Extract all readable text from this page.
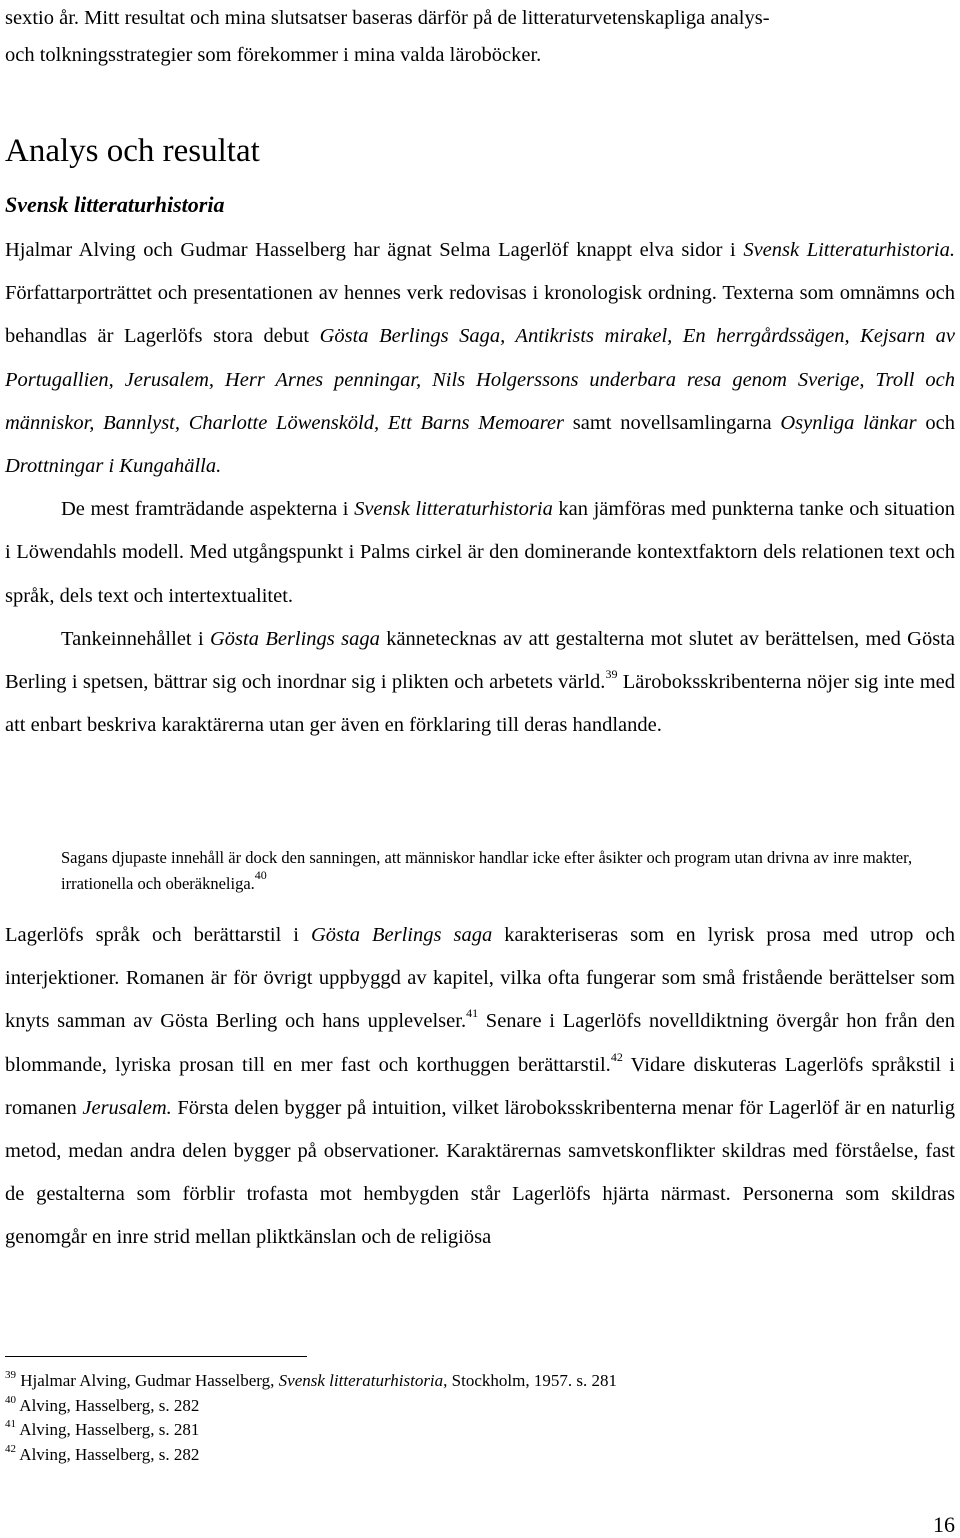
sextio år. Mitt resultat och mina slutsatser baseras därför på de litteraturvetenskapliga analys-
och tolkningsstrategier som förekommer i mina valda läroböcker.
Analys och resultat
Svensk litteraturhistoria

Hjalmar Alving och Gudmar Hasselberg har ägnat Selma Lagerlöf knappt elva sidor i Svensk Litteraturhistoria. Författarporträttet och presentationen av hennes verk redovisas i kronologisk ordning. Texterna som omnämns och behandlas är Lagerlöfs stora debut Gösta Berlings Saga, Antikrists mirakel, En herrgårdssägen, Kejsarn av Portugallien, Jerusalem, Herr Arnes penningar, Nils Holgerssons underbara resa genom Sverige, Troll och människor, Bannlyst, Charlotte Löwensköld, Ett Barns Memoarer samt novellsamlingarna Osynliga länkar och Drottningar i Kungahälla.

De mest framträdande aspekterna i Svensk litteraturhistoria kan jämföras med punkterna tanke och situation i Löwendahls modell. Med utgångspunkt i Palms cirkel är den dominerande kontextfaktorn dels relationen text och språk, dels text och intertextualitet.

Tankeinnehållet i Gösta Berlings saga kännetecknas av att gestalterna mot slutet av berättelsen, med Gösta Berling i spetsen, bättrar sig och inordnar sig i plikten och arbetets värld.$^{39}$ Läroboksskribenterna nöjer sig inte med att enbart beskriva karaktärerna utan ger även en förklaring till deras handlande.

Sagans djupaste innehåll är dock den sanningen, att människor handlar icke efter åsikter och program utan drivna av inre makter, irrationella och oberäkneliga.$^{40}$

Lagerlöfs språk och berättarstil i Gösta Berlings saga karakteriseras som en lyrisk prosa med utrop och interjektioner. Romanen är för övrigt uppbyggd av kapitel, vilka ofta fungerar som små fristående berättelser som knyts samman av Gösta Berling och hans upplevelser.$^{41}$ Senare i Lagerlöfs novelldiktning övergår hon från den blommande, lyriska prosan till en mer fast och korthuggen berättarstil.$^{42}$ Vidare diskuteras Lagerlöfs språkstil i romanen Jerusalem. Första delen bygger på intuition, vilket läroboksskribenterna menar för Lagerlöf är en naturlig metod, medan andra delen bygger på observationer. Karaktärernas samvetskonflikter skildras med förståelse, fast de gestalterna som förblir trofasta mot hembygden står Lagerlöfs hjärta närmast. Personerna som skildras genomgår en inre strid mellan pliktkänslan och de religiösa

$^{39}$ Hjalmar Alving, Gudmar Hasselberg, Svensk litteraturhistoria, Stockholm, 1957. s. 281
$^{40}$ Alving, Hasselberg, s. 282
$^{41}$ Alving, Hasselberg, s. 281
$^{42}$ Alving, Hasselberg, s. 282
16
